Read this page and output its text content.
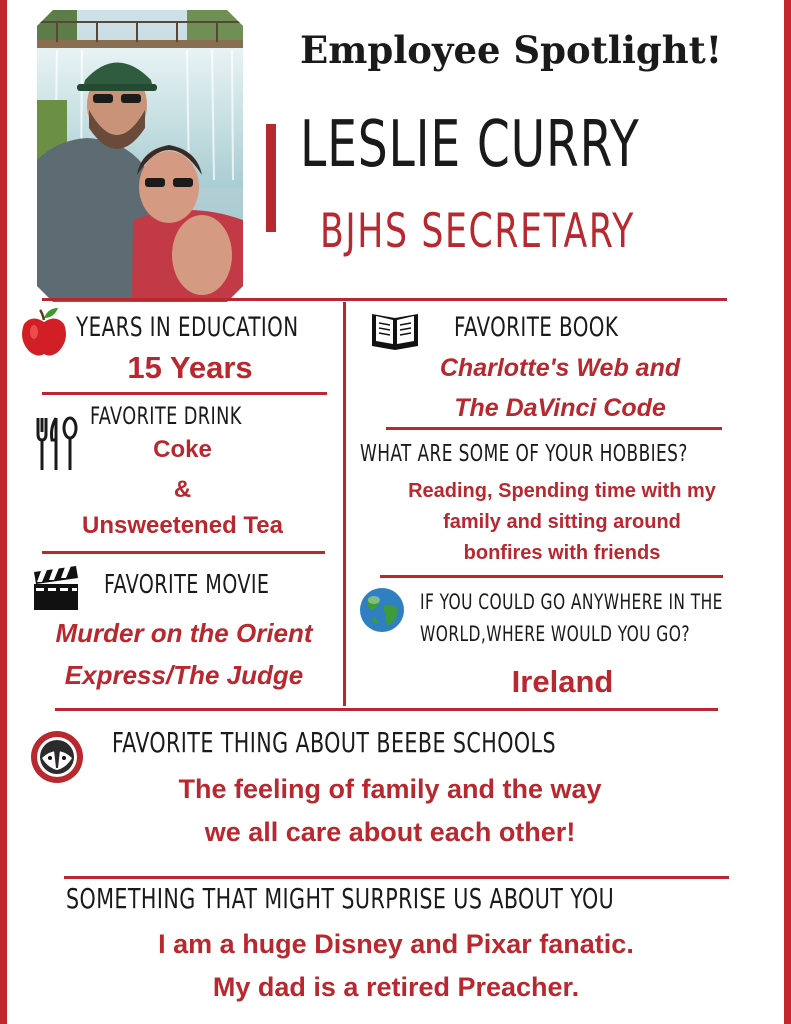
Employee Spotlight!
LESLIE CURRY
BJHS SECRETARY
YEARS IN EDUCATION
15 Years
FAVORITE DRINK
Coke
&
Unsweetened Tea
FAVORITE MOVIE
Murder on the Orient
Express/The Judge
FAVORITE BOOK
Charlotte's Web and
The DaVinci Code
WHAT ARE SOME OF YOUR HOBBIES?
Reading, Spending time with my
family and sitting around
bonfires with friends
IF YOU COULD GO ANYWHERE IN THE
WORLD,WHERE WOULD YOU GO?
Ireland
FAVORITE THING ABOUT BEEBE SCHOOLS
The feeling of family and the way
we all care about each other!
SOMETHING THAT MIGHT SURPRISE US ABOUT YOU
I am a huge Disney and Pixar fanatic.
My dad is a retired Preacher.
